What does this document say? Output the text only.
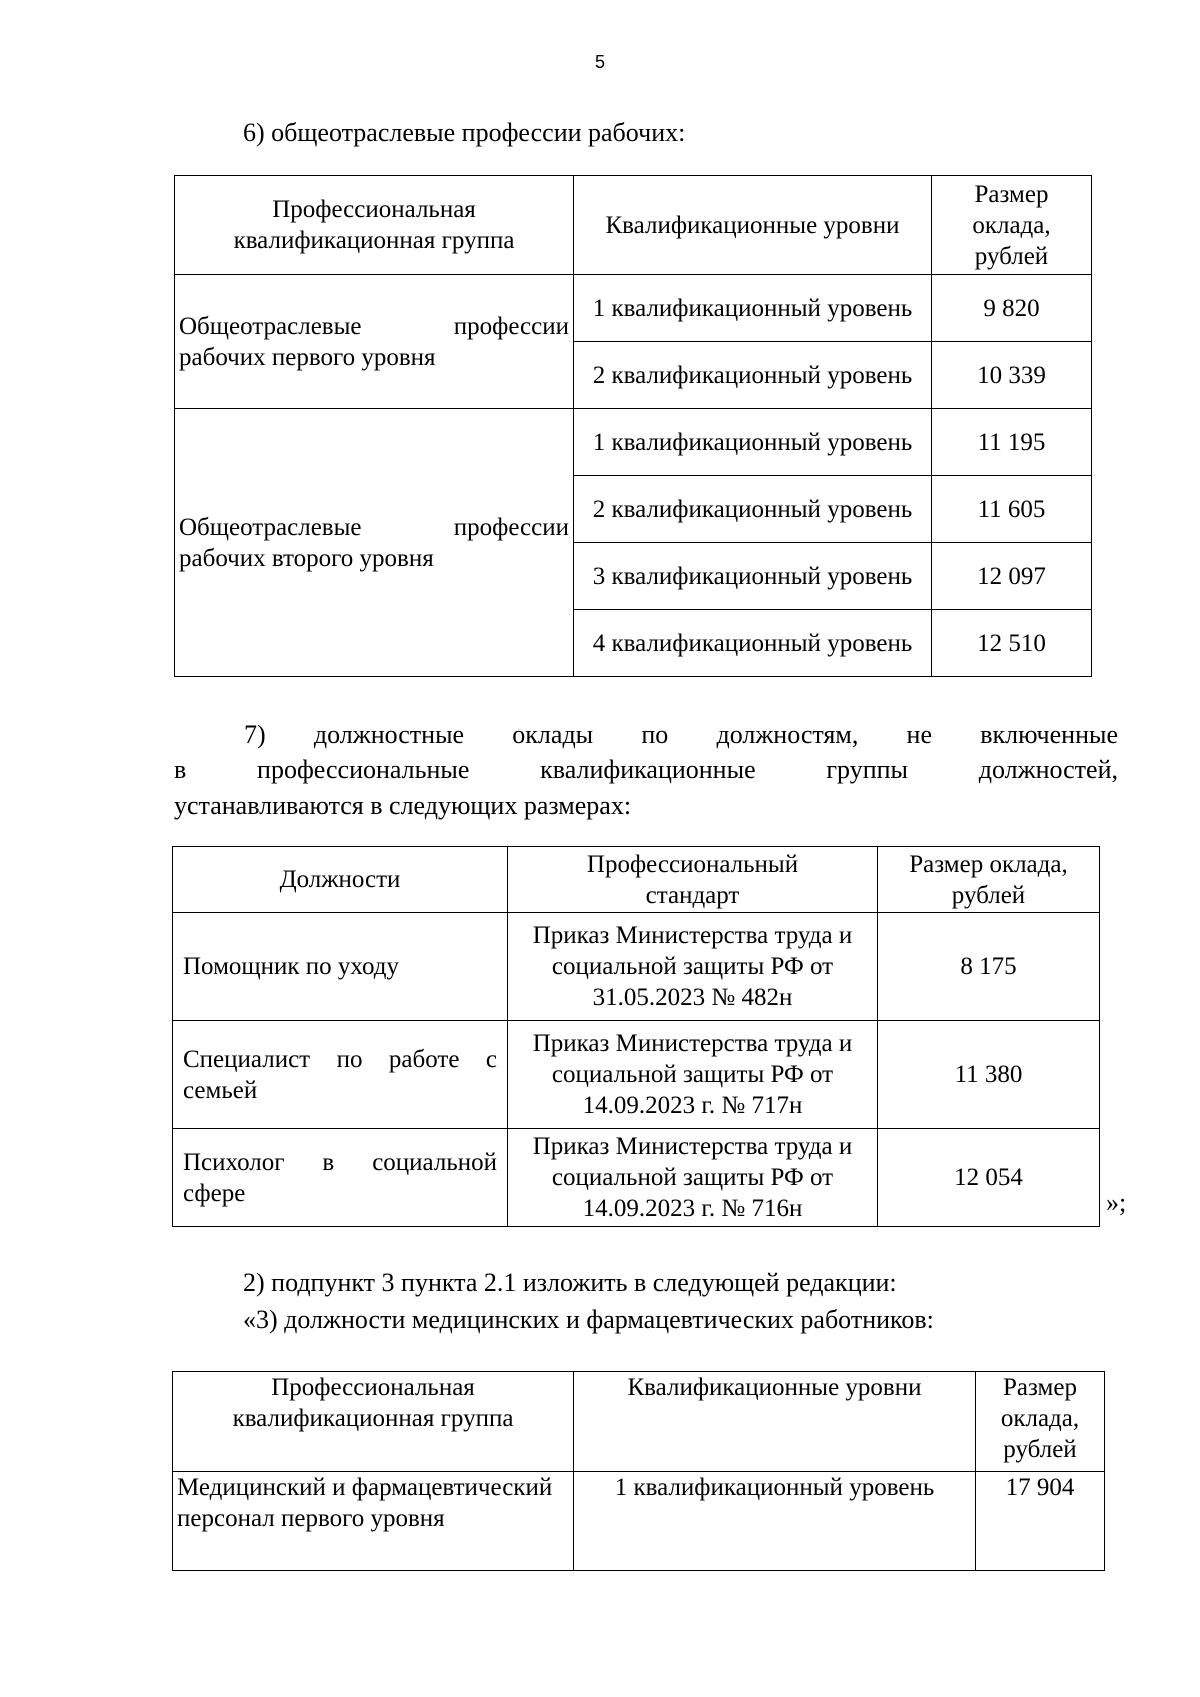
5
6) общеотраслевые профессии рабочих:
Профессиональная квалификационная группа	Квалификационные уровни	Размер оклада, рублей

Общеотраслевые профессии
рабочих первого уровня	1 квалификационный уровень	9 820
	2 квалификационный уровень	10 339

Общеотраслевые профессии
рабочих второго уровня	1 квалификационный уровень	11 195
	2 квалификационный уровень	11 605
	3 квалификационный уровень	12 097
	4 квалификационный уровень	12 510
7) должностные оклады по должностям, не включенные
в профессиональные квалификационные группы должностей,
устанавливаются в следующих размерах:
Должности	Профессиональный стандарт	Размер оклада, рублей
Помощник по уходу	Приказ Министерства труда и социальной защиты РФ от 31.05.2023 № 482н	8 175
Специалист по работе с семьей	Приказ Министерства труда и социальной защиты РФ от 14.09.2023 г. № 717н	11 380
Психолог в социальной сфере	Приказ Министерства труда и социальной защиты РФ от 14.09.2023 г. № 716н	12 054
»;
2) подпункт 3 пункта 2.1 изложить в следующей редакции:
«3) должности медицинских и фармацевтических работников:
Профессиональная квалификационная группа	Квалификационные уровни	Размер оклада, рублей
Медицинский и фармацевтический персонал первого уровня	1 квалификационный уровень	17 904
